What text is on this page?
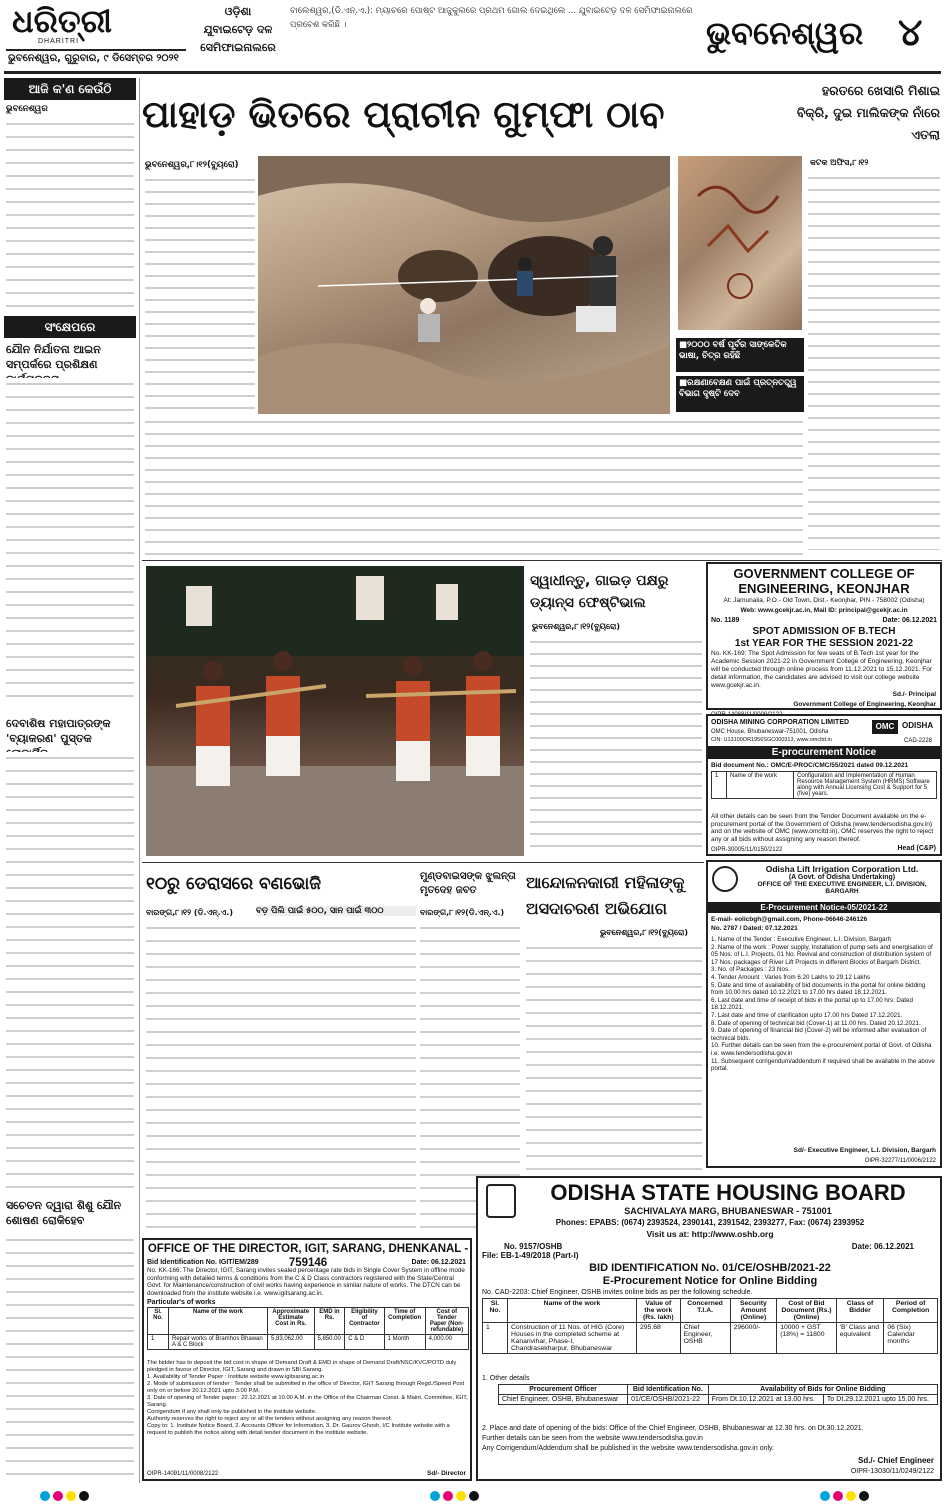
ଧରିତ୍ରୀ
DHARITRI
ଭୁବନେଶ୍ୱର, ଗୁରୁବାର, ୯ ଡିସେମ୍ବର ୨୦୨୧
ଓଡ଼ିଶା
ଯୁବାଇଟେଡ଼ ଦଳ
ସେମିଫାଇନାଲରେ
ବାଲେଶ୍ୱର,(ଡି.ଏନ୍.ଏ.): ମ୍ୟାଚରେ ପୋଷ୍ଟ ଆଜୁକୁଲରେ ପ୍ରଥମ ଗୋଲ ଦେଇଥିଲେ ... ଯୁବାଇଟେଡ଼ ଦଳ ସେମିଫାଇନାଲରେ ପ୍ରବେଶ କରିଛି ।	ଭୁବନେଶ୍ୱର ୪
ଆଜି କ'ଣ କେଉଁଠି
ଭୁବନେଶ୍ୱର
ସଂକ୍ଷେପରେ
ଯୌନ ନିର୍ଯାତନା ଆଇନ ସମ୍ପର୍କରେ ପ୍ରଶିକ୍ଷଣ
ଦେବାଶିଷ ମହାପାତ୍ରଙ୍କ 'ବ୍ୟାକରଣ' ପୁସ୍ତକ
ସଚେତନ ଦ୍ୱାରା ଶିଶୁ ଯୌନ ଶୋଷଣ ରୋକିହେବ
ପାହାଡ଼ ଭିତରେ ପ୍ରାଚୀନ ଗୁମ୍ଫା ଠାବ
ହରତରେ ଖେସାରି ମିଶାଇ ବିକ୍ରି, ଦୁଇ ମାଲିକଙ୍କ ନାଁରେ ଏତଲା
ଭୁବନେଶ୍ୱର,୮।୧୨(ବ୍ୟୁରୋ)
■୨୦୦୦ ବର୍ଷ ପୂର୍ବର ସାଙ୍କେତିକ ଭାଷା, ଚିତ୍ର ରହିଛି
■ରକ୍ଷଣାବେକ୍ଷଣ ପାଇଁ ପ୍ରତ୍ନତତ୍ତ୍ୱ ବିଭାଗ ଦୃଷ୍ଟି ଦେବ
କଟକ ଅଫିସ,୮।୧୨
ସ୍ୱାଧୀନ୍ତୁ, ଗାଇଡ଼ ପକ୍ଷରୁ ଡ୍ୟାନ୍ସ ଫେଷ୍ଟିଭାଲ
ଭୁବନେଶ୍ୱର,୮।୧୨(ବ୍ୟୁରୋ)
GOVERNMENT COLLEGE OF
ENGINEERING, KEONJHAR
At: Jamunalia, P.O.- Old Town, Dist.- Keonjhar, PIN - 758002 (Odisha)
Web: www.gcekjr.ac.in, Mail ID: principal@gcekjr.ac.in
No. 1189	Date: 06.12.2021
SPOT ADMISSION OF B.TECH
1st YEAR FOR THE SESSION 2021-22
No. KK-169: The Spot Admission for few seats of B.Tech 1st year for the Academic Session 2021-22 in Government College of Engineering, Keonjhar will be conducted through online process from 11.12.2021 to 15.12.2021. For detail information, the candidates are advised to visit our college website www.gcekjr.ac.in.
Sd./- Principal
Government College of Engineering, Keonjhar
ODISHA MINING CORPORATION LIMITED
OMC House, Bhubaneswar-751001, Odisha
CIN: U13100OR1956SGC000313, www.omcltd.in
OMC ODISHA
CAD-2228
E-procurement Notice
Bid document No.: OMC/E-PROC/CMC/55/2021 dated 09.12.2021
1	Name of the work	Configuration and Implementation of Human Resource Management System (HRMS) Software along with Annual Licensing Cost & Support for 5 (five) years.
All other details can be seen from the Tender Document available on the e-procurement portal of the Government of Odisha (www.tendersodisha.gov.in) and on the website of OMC (www.omcltd.in). OMC reserves the right to reject any or all bids without assigning any reason thereof.
Head (C&P)
OIPR-30005/11/0150/2122
୧୦ରୁ ଡେରାସରେ ବଣଭୋଜି
ବଡ଼ ପିଲି ପାଇଁ ୫୦୦, ସାନ ପାଇଁ ୩୦୦
ବାରଙ୍ଗ,୮।୧୨ (ଡି.ଏନ୍.ଏ.)
ମୁଣ୍ଡବାଇସଙ୍କ ଝୁଲନ୍ତା ମୃତଦେହ ଜବତ
ବାରଙ୍ଗ,୮।୧୨(ଡି.ଏନ୍.ଏ.)
ଆନ୍ଦୋଳନକାରୀ ମହିଳାଙ୍କୁ ଅସଦାଚରଣ ଅଭିଯୋଗ
ଭୁବନେଶ୍ୱର,୮।୧୨(ବ୍ୟୁରୋ)
Odisha Lift Irrigation Corporation Ltd.
(A Govt. of Odisha Undertaking)
OFFICE OF THE EXECUTIVE ENGINEER, L.I. DIVISION, BARGARH
E-Procurement Notice-05/2021-22
E-mail- eolicbgh@gmail.com, Phone-06646-246126
No. 2787 / Dated: 07.12.2021
1. Name of the Tender : Executive Engineer, L.I. Division, Bargarh
2. Name of the work : Power supply, Installation of pump sets and energisation of 05 Nos. of L.I. Projects, 01 No. Revival and construction of distribution system of 17 Nos. packages of River Lift Projects in different Blocks of Bargarh District.
3. No. of Packages : 23 Nos.
4. Tender Amount : Varies from 6.20 Lakhs to 29.12 Lakhs
5. Date and time of availability of bid documents in the portal for online bidding from 10.00 hrs dated 10.12.2021 to 17.00 hrs dated 18.12.2021.
6. Last date and time of receipt of bids in the portal up to 17.00 hrs. Dated 18.12.2021.
7. Last date and time of clarification upto 17.00 hrs Dated 17.12.2021.
8. Date of opening of technical bid (Cover-1) at 11.00 hrs. Dated 20.12.2021.
9. Date of opening of financial bid (Cover-2) will be informed after evaluation of technical bids.
10. Further details can be seen from the e-procurement portal of Govt. of Odisha i.e. www.tendersodisha.gov.in
11. Subsequent corrigendum/addendum if required shall be available in the above portal.
Sd/- Executive Engineer, L.I. Division, Bargarh
OIPR-32277/11/0006/2122
ODISHA STATE HOUSING BOARD
SACHIVALAYA MARG, BHUBANESWAR - 751001
Phones: EPABS: (0674) 2393524, 2390141, 2391542, 2393277, Fax: (0674) 2393952
Visit us at: http://www.oshb.org
No. 9157/OSHB	Date: 06.12.2021
File: EB-1-49/2018 (Part-I)
BID IDENTIFICATION No. 01/CE/OSHB/2021-22
E-Procurement Notice for Online Bidding
No. CAD-2203: Chief Engineer, OSHB invites online bids as per the following schedule.
Sl. No.	Name of the work	Value of the work (Rs. lakh)	Concerned T.I.A.	Security Amount (Online)	Cost of Bid Document (Rs.) (Online)	Class of Bidder	Period of Completion
1	Construction of 11 Nos. of HIG (Core) Houses in the completed scheme at Kananvihar, Phase-I, Chandrasekharpur, Bhubaneswar	295.68	Chief Engineer, OSHB	296000/-	10000 + GST (18%) = 11800	'B' Class and equivalent	06 (Six) Calendar months
1. Other details
Procurement Officer	Bid Identification No.	Availability of Bids for Online Bidding	
Chief Engineer, OSHB, Bhubaneswar	01/CE/OSHB/2021-22	From Dt.10.12.2021 at 13.00 hrs.	To Dt.29.12.2021 upto 15.00 hrs.
2. Place and date of opening of the bids: Office of the Chief Engineer, OSHB, Bhubaneswar at 12.30 hrs. on Dt.30.12.2021.
Further details can be seen from the website www.tendersodisha.gov.in
Any Corrigendum/Addendum shall be published in the website www.tendersodisha.gov.in only.
Sd./- Chief Engineer
OIPR-13030/11/0249/2122
OFFICE OF THE DIRECTOR, IGIT, SARANG, DHENKANAL - 759146
Bid Identification No. IGIT/EM/289	Date: 06.12.2021
No. KK-166: The Director, IGIT, Sarang invites sealed percentage rate bids in Single Cover System in offline mode conforming with detailed terms & conditions from the C & D Class contractors registered with the State/Central Govt. for Maintenance/construction of civil works having experience in similar nature of works. The DTCN can be downloaded from the institute website i.e. www.igitsarang.ac.in.
Particular's of works
Sl. No.	Name of the work	Approximate Estimate Cost in Rs.	EMD in Rs.	Eligibility of Contractor	Time of Completion	Cost of Tender Paper (Non-refundable)
1	Repair works of Bramhos Bhawan A & C Block	5,83,062.00	5,850.00	C & D	1 Month	4,000.00
The bidder has to deposit the bid cost in shape of Demand Draft & EMD in shape of Demand Draft/NSC/KVC/POTD duly pledged in favour of Director, IGIT, Sarang and drawn in SBI Sarang.
1. Availability of Tender Paper : Institute website www.igitsarang.ac.in
2. Mode of submission of tender : Tender shall be submitted in the office of Director, IGIT Sarang through Regd./Speed Post only on or before 20.12.2021 upto 3.00 P.M.
3. Date of opening of Tender paper : 22.12.2021 at 10.00 A.M. in the Office of the Chairman Const. & Maint. Committee, IGIT, Sarang.
Corrigendum if any shall only be published in the institute website.
Authority reserves the right to reject any or all the tenders without assigning any reason thereof.
Copy to: 1. Institute Notice Board, 2. Accounts Officer for Information, 3. Dr. Gaurov Ghosh, I/C Institute website with a request to publish the notice along with detail tender document in the institute website.
OIPR-14091/11/0008/2122	Sd/- Director
